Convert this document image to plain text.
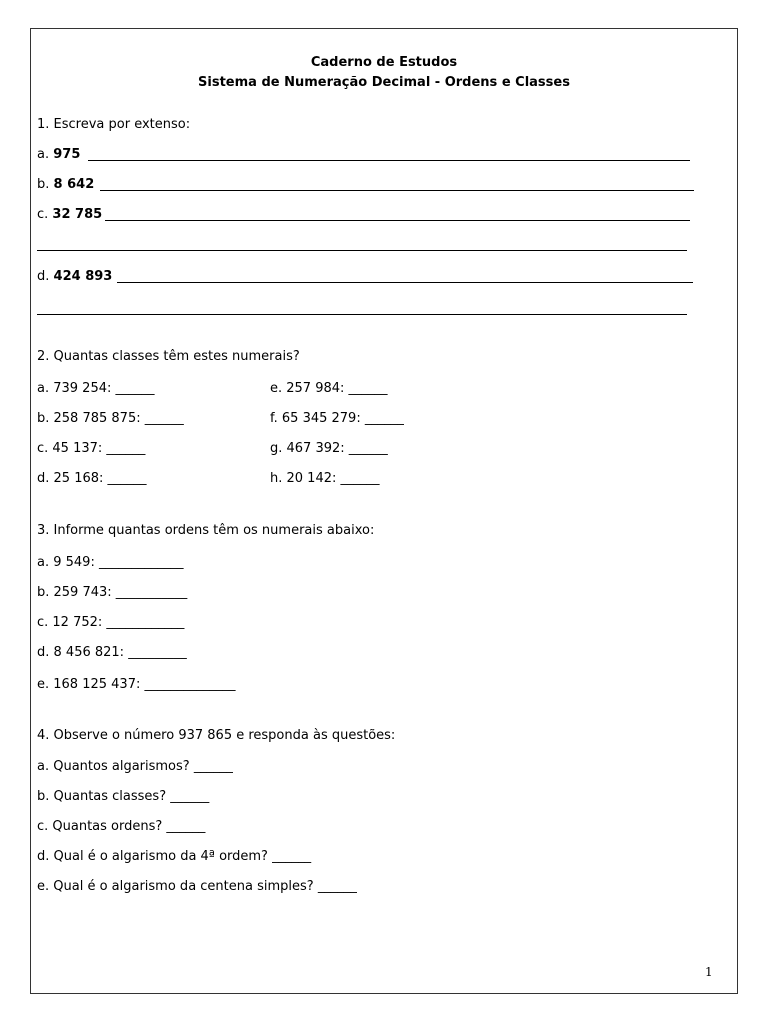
Caderno de Estudos
Sistema de Numeração Decimal - Ordens e Classes
1. Escreva por extenso:
a. 975
b. 8 642
c. 32 785
d. 424 893
2. Quantas classes têm estes numerais?
a. 739 254: ______
b. 258 785 875: ______
c. 45 137: ______
d. 25 168: ______
e. 257 984: ______
f. 65 345 279: ______
g. 467 392: ______
h. 20 142: ______
3. Informe quantas ordens têm os numerais abaixo:
a. 9 549: _____________
b. 259 743: ___________
c. 12 752: ____________
d. 8 456 821: _________
e. 168 125 437: ______________
4. Observe o número 937 865 e responda às questões:
a. Quantos algarismos? ______
b. Quantas classes? ______
c. Quantas ordens? ______
d. Qual é o algarismo da 4ª ordem? ______
e. Qual é o algarismo da centena simples? ______
1
